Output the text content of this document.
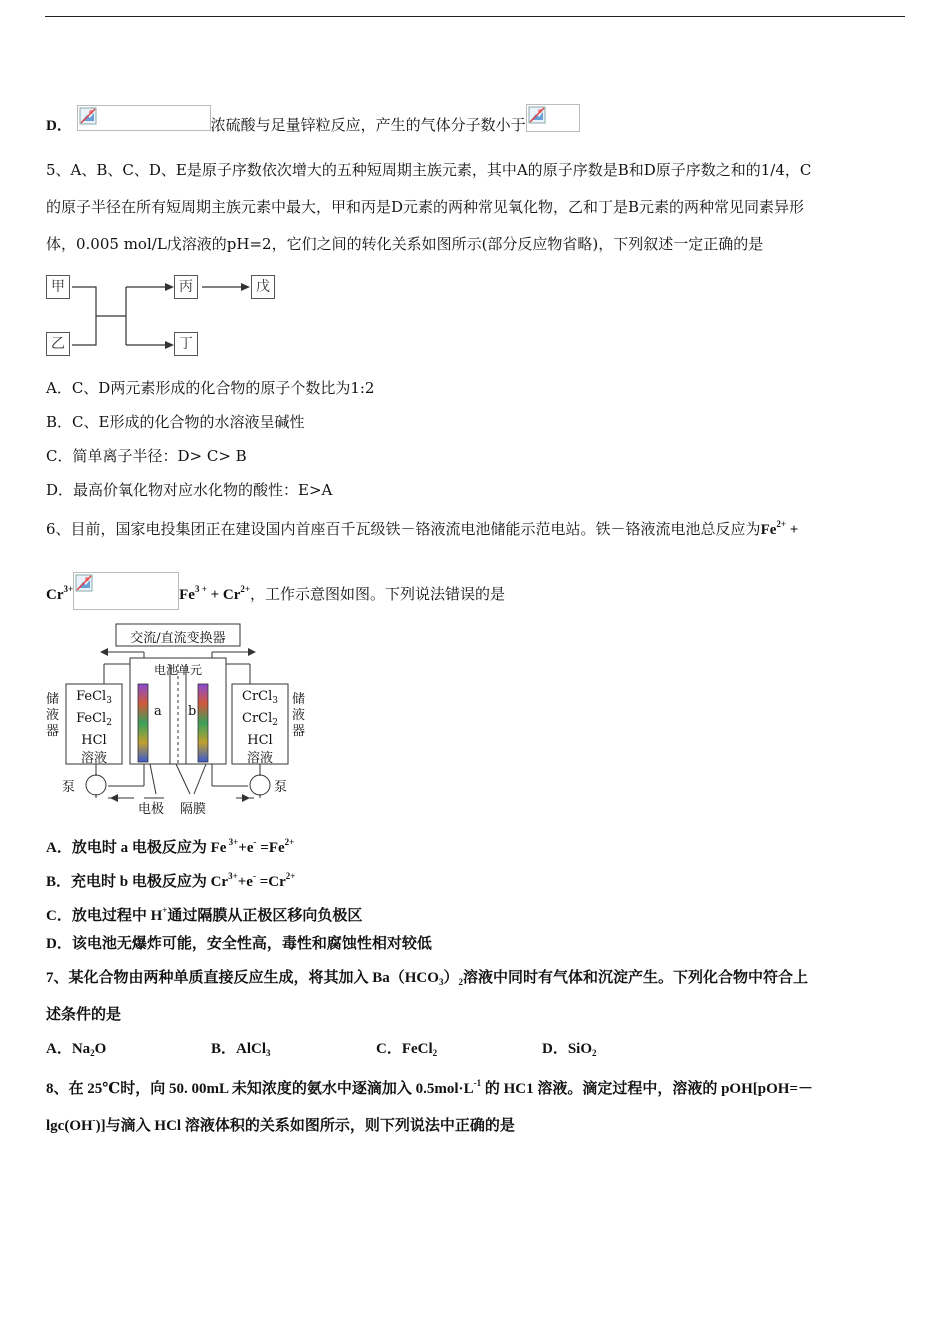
D．	浓硫酸与足量锌粒反应，产生的气体分子数小于
5、A、B、C、D、E是原子序数依次增大的五种短周期主族元素，其中A的原子序数是B和D原子序数之和的1/4，C
的原子半径在所有短周期主族元素中最大，甲和丙是D元素的两种常见氧化物，乙和丁是B元素的两种常见同素异形
体，0.005 mol/L戊溶液的pH=2，它们之间的转化关系如图所示(部分反应物省略)，下列叙述一定正确的是
甲
乙
丙	戊
丁
A．C、D两元素形成的化合物的原子个数比为1:2
B．C、E形成的化合物的水溶液呈碱性
C．简单离子半径：D> C> B
D．最高价氧化物对应水化物的酸性：E>A
6、目前，国家电投集团正在建设国内首座百千瓦级铁－铬液流电池储能示范电站。铁－铬液流电池总反应为$Fe^{2+}$ +
$Cr^{3+}$	$Fe^{3 +} + Cr^{2+}$，工作示意图如图。下列说法错误的是
交流/直流变换器
电池单元
储液器
储液器
FeCl$_3$
FeCl$_2$
HCl
溶液
CrCl$_3$
CrCl$_2$
HCl
溶液
a b
泵	泵
电极 隔膜
A．放电时 a 电极反应为 Fe $^{3+}+e^- =Fe^{2+}$
B．充电时 b 电极反应为 $Cr^{3+}+e^- =Cr^{2+}$
C．放电过程中 H+通过隔膜从正极区移向负极区
D．该电池无爆炸可能，安全性高，毒性和腐蚀性相对较低
7、某化合物由两种单质直接反应生成，将其加入 $Ba(HCO_3)_2$溶液中同时有气体和沉淀产生。下列化合物中符合上
述条件的是
A．$Na_2O$	B．AlCl$_3$	C．FeCl$_2$	D．SiO$_2$
8、在 25℃时，向 50. 00mL 未知浓度的氨水中逐滴加入 $0.5mol\cdot L^{-1}$ 的 HC1 溶液。滴定过程中，溶液的 pOH[pOH=－
lgc(OH-)]与滴入 HCl 溶液体积的关系如图所示，则下列说法中正确的是
